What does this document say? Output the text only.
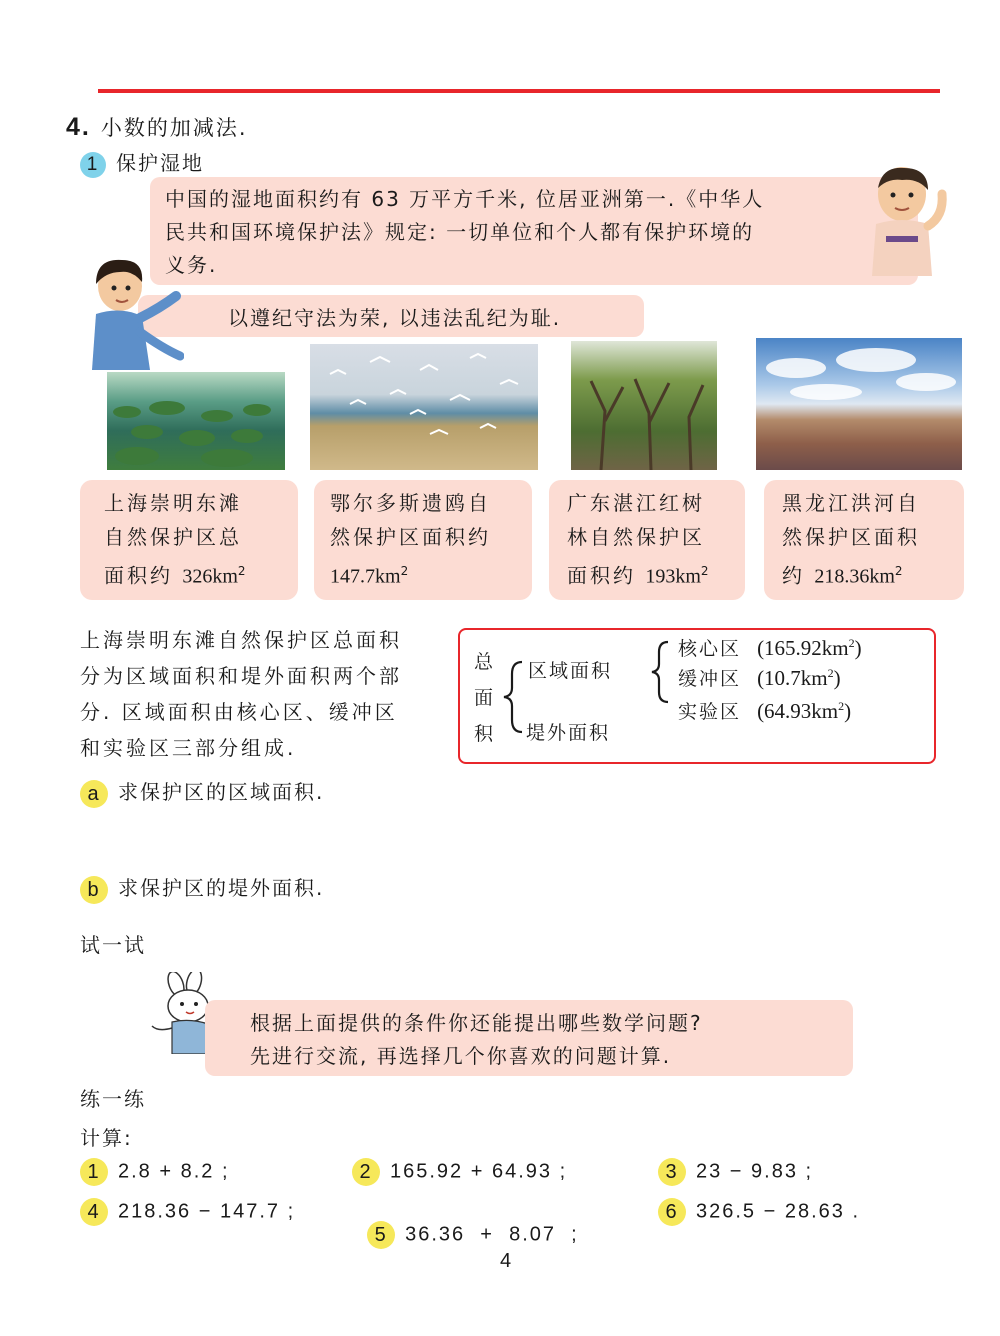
4. 小数的加减法.
1 保护湿地
中国的湿地面积约有 63 万平方千米, 位居亚洲第一.《中华人
民共和国环境保护法》规定: 一切单位和个人都有保护环境的
义务.
以遵纪守法为荣, 以违法乱纪为耻.
上海崇明东滩
自然保护区总
面积约 $326km^2$
鄂尔多斯遗鸥自
然保护区面积约
$147.7km^2$
广东湛江红树
林自然保护区
面积约 $193km^2$
黑龙江洪河自
然保护区面积
约 $218.36km^2$
上海崇明东滩自然保护区总面积
分为区域面积和堤外面积两个部
分. 区域面积由核心区、缓冲区
和实验区三部分组成.
总
面
积
区域面积
堤外面积
核心区 $(165.92km^2)$
缓冲区 $(10.7km^2)$
实验区 $(64.93km^2)$
a 求保护区的区域面积.
b 求保护区的堤外面积.
试一试
根据上面提供的条件你还能提出哪些数学问题?
先进行交流, 再选择几个你喜欢的问题计算.
练一练
计算:
1 2.8 + 8.2 ;	2 165.92 + 64.93 ;	3 23 − 9.83 ;
4 218.36 − 147.7 ;

5 36.36  +  8.07  ;

6 326.5 − 28.63 .
4
